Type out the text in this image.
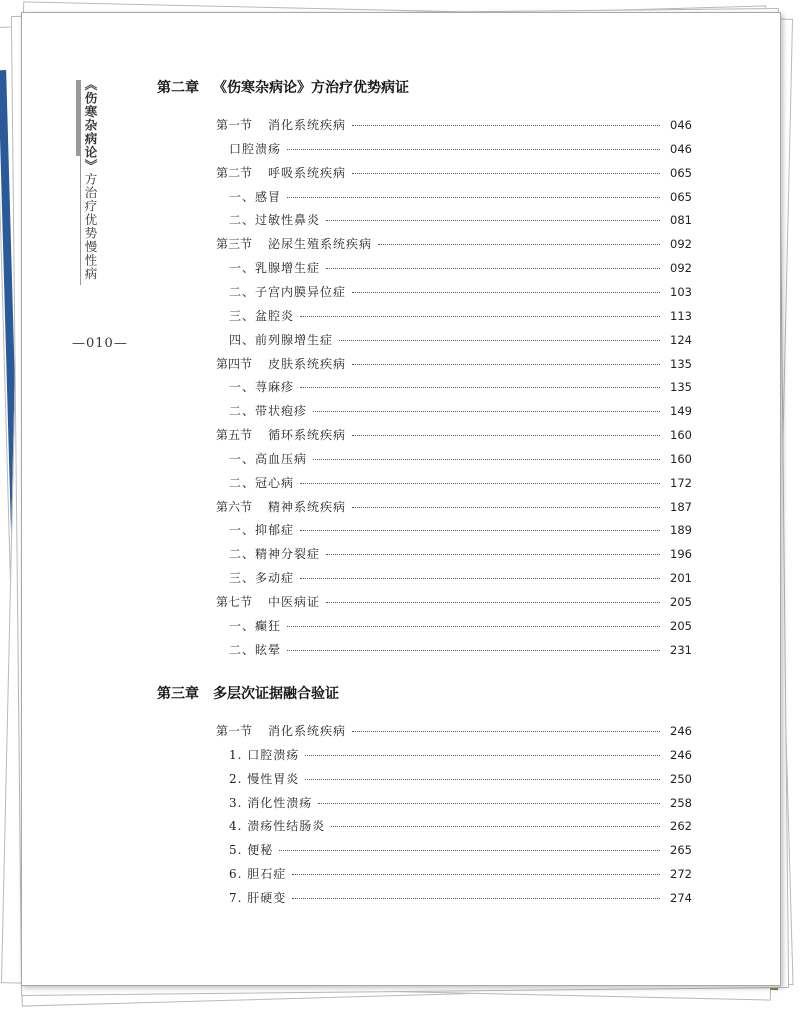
《伤寒杂病论》方治疗优势慢性病
—010—
第二章 《伤寒杂病论》方治疗优势病证
第三章 多层次证据融合验证
第一节 消化系统疾病	046
口腔溃疡	046
第二节 呼吸系统疾病	065
一、感冒	065
二、过敏性鼻炎	081
第三节 泌尿生殖系统疾病	092
一、乳腺增生症	092
二、子宫内膜异位症	103
三、盆腔炎	113
四、前列腺增生症	124
第四节 皮肤系统疾病	135
一、荨麻疹	135
二、带状疱疹	149
第五节 循环系统疾病	160
一、高血压病	160
二、冠心病	172
第六节 精神系统疾病	187
一、抑郁症	189
二、精神分裂症	196
三、多动症	201
第七节 中医病证	205
一、癫狂	205
二、眩晕	231
第一节 消化系统疾病	246
1. 口腔溃疡	246
2. 慢性胃炎	250
3. 消化性溃疡	258
4. 溃疡性结肠炎	262
5. 便秘	265
6. 胆石症	272
7. 肝硬变	274
